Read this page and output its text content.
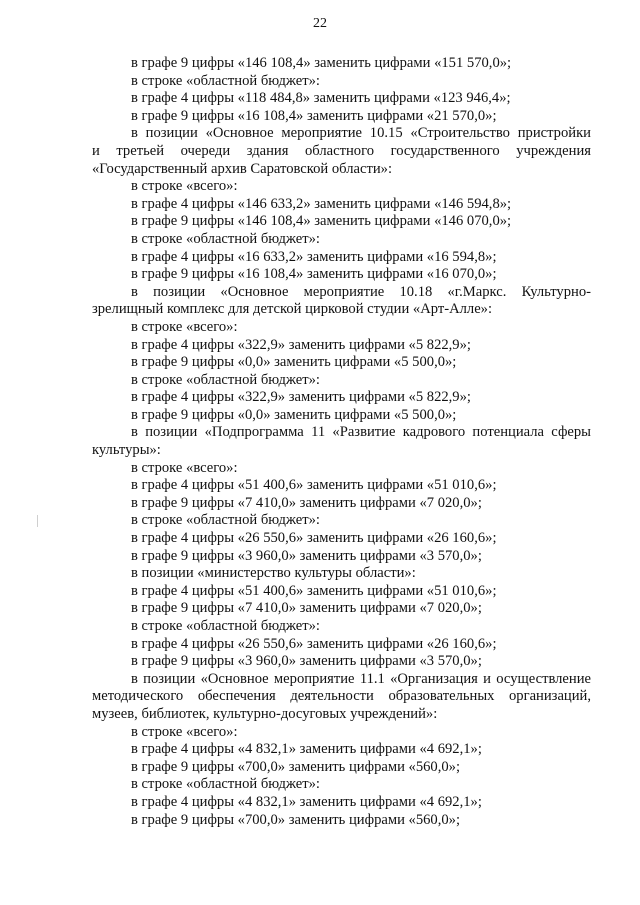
22
в графе 9 цифры «146 108,4» заменить цифрами «151 570,0»;
в строке «областной бюджет»:
в графе 4 цифры «118 484,8» заменить цифрами «123 946,4»;
в графе 9 цифры «16 108,4» заменить цифрами «21 570,0»;
в позиции «Основное мероприятие 10.15 «Строительство пристройки
и третьей очереди здания областного государственного учреждения
«Государственный архив Саратовской области»:
в строке «всего»:
в графе 4 цифры «146 633,2» заменить цифрами «146 594,8»;
в графе 9 цифры «146 108,4» заменить цифрами «146 070,0»;
в строке «областной бюджет»:
в графе 4 цифры «16 633,2» заменить цифрами «16 594,8»;
в графе 9 цифры «16 108,4» заменить цифрами «16 070,0»;
в позиции «Основное мероприятие 10.18 «г.Маркс. Культурно-
зрелищный комплекс для детской цирковой студии «Арт-Алле»:
в строке «всего»:
в графе 4 цифры «322,9» заменить цифрами «5 822,9»;
в графе 9 цифры «0,0» заменить цифрами «5 500,0»;
в строке «областной бюджет»:
в графе 4 цифры «322,9» заменить цифрами «5 822,9»;
в графе 9 цифры «0,0» заменить цифрами «5 500,0»;
в позиции «Подпрограмма 11 «Развитие кадрового потенциала сферы
культуры»:
в строке «всего»:
в графе 4 цифры «51 400,6» заменить цифрами «51 010,6»;
в графе 9 цифры «7 410,0» заменить цифрами «7 020,0»;
в строке «областной бюджет»:
в графе 4 цифры «26 550,6» заменить цифрами «26 160,6»;
в графе 9 цифры «3 960,0» заменить цифрами «3 570,0»;
в позиции «министерство культуры области»:
в графе 4 цифры «51 400,6» заменить цифрами «51 010,6»;
в графе 9 цифры «7 410,0» заменить цифрами «7 020,0»;
в строке «областной бюджет»:
в графе 4 цифры «26 550,6» заменить цифрами «26 160,6»;
в графе 9 цифры «3 960,0» заменить цифрами «3 570,0»;
в позиции «Основное мероприятие 11.1 «Организация и осуществление
методического обеспечения деятельности образовательных организаций,
музеев, библиотек, культурно-досуговых учреждений»:
в строке «всего»:
в графе 4 цифры «4 832,1» заменить цифрами «4 692,1»;
в графе 9 цифры «700,0» заменить цифрами «560,0»;
в строке «областной бюджет»:
в графе 4 цифры «4 832,1» заменить цифрами «4 692,1»;
в графе 9 цифры «700,0» заменить цифрами «560,0»;
